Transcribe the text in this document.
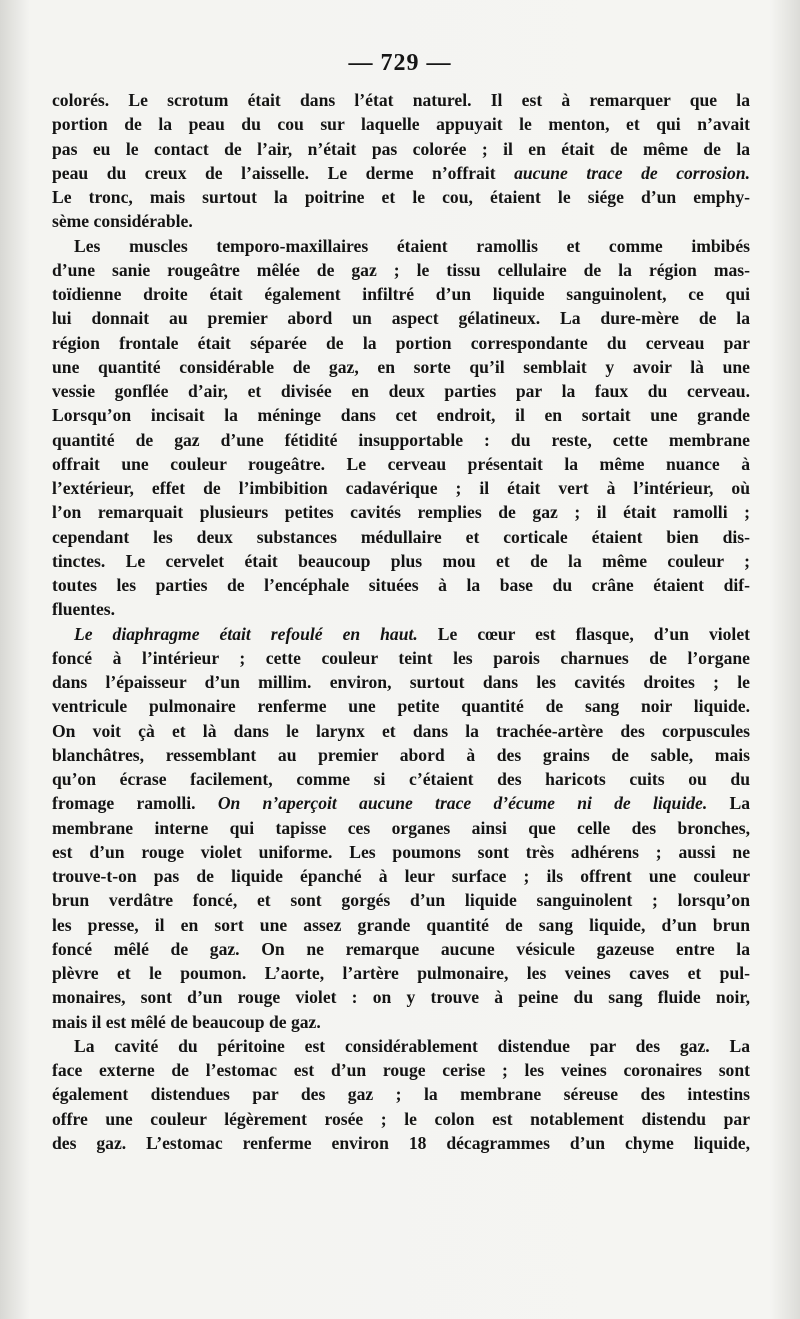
— 729 —
colorés. Le scrotum était dans l’état naturel. Il est à remarquer que la
portion de la peau du cou sur laquelle appuyait le menton, et qui n’avait
pas eu le contact de l’air, n’était pas colorée ; il en était de même de la
peau du creux de l’aisselle. Le derme n’offrait aucune trace de corrosion.
Le tronc, mais surtout la poitrine et le cou, étaient le siége d’un emphy-
sème considérable.
Les muscles temporo-maxillaires étaient ramollis et comme imbibés
d’une sanie rougeâtre mêlée de gaz ; le tissu cellulaire de la région mas-
toïdienne droite était également infiltré d’un liquide sanguinolent, ce qui
lui donnait au premier abord un aspect gélatineux. La dure-mère de la
région frontale était séparée de la portion correspondante du cerveau par
une quantité considérable de gaz, en sorte qu’il semblait y avoir là une
vessie gonflée d’air, et divisée en deux parties par la faux du cerveau.
Lorsqu’on incisait la méninge dans cet endroit, il en sortait une grande
quantité de gaz d’une fétidité insupportable : du reste, cette membrane
offrait une couleur rougeâtre. Le cerveau présentait la même nuance à
l’extérieur, effet de l’imbibition cadavérique ; il était vert à l’intérieur, où
l’on remarquait plusieurs petites cavités remplies de gaz ; il était ramolli ;
cependant les deux substances médullaire et corticale étaient bien dis-
tinctes. Le cervelet était beaucoup plus mou et de la même couleur ;
toutes les parties de l’encéphale situées à la base du crâne étaient dif-
fluentes.
Le diaphragme était refoulé en haut. Le cœur est flasque, d’un violet
foncé à l’intérieur ; cette couleur teint les parois charnues de l’organe
dans l’épaisseur d’un millim. environ, surtout dans les cavités droites ; le
ventricule pulmonaire renferme une petite quantité de sang noir liquide.
On voit çà et là dans le larynx et dans la trachée-artère des corpuscules
blanchâtres, ressemblant au premier abord à des grains de sable, mais
qu’on écrase facilement, comme si c’étaient des haricots cuits ou du
fromage ramolli. On n’aperçoit aucune trace d’écume ni de liquide. La
membrane interne qui tapisse ces organes ainsi que celle des bronches,
est d’un rouge violet uniforme. Les poumons sont très adhérens ; aussi ne
trouve-t-on pas de liquide épanché à leur surface ; ils offrent une couleur
brun verdâtre foncé, et sont gorgés d’un liquide sanguinolent ; lorsqu’on
les presse, il en sort une assez grande quantité de sang liquide, d’un brun
foncé mêlé de gaz. On ne remarque aucune vésicule gazeuse entre la
plèvre et le poumon. L’aorte, l’artère pulmonaire, les veines caves et pul-
monaires, sont d’un rouge violet : on y trouve à peine du sang fluide noir,
mais il est mêlé de beaucoup de gaz.
La cavité du péritoine est considérablement distendue par des gaz. La
face externe de l’estomac est d’un rouge cerise ; les veines coronaires sont
également distendues par des gaz ; la membrane séreuse des intestins
offre une couleur légèrement rosée ; le colon est notablement distendu par
des gaz. L’estomac renferme environ 18 décagrammes d’un chyme liquide,
